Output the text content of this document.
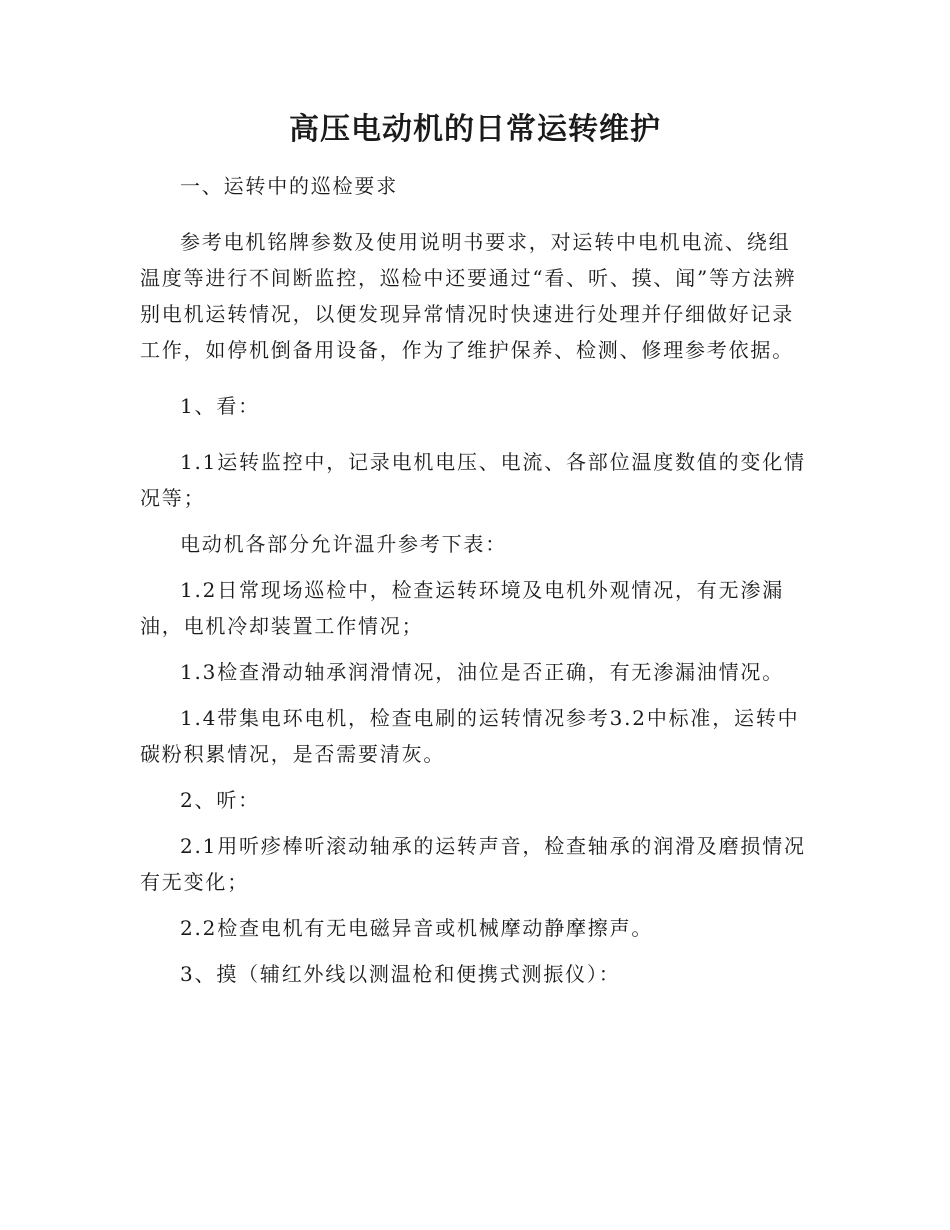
高压电动机的日常运转维护

一、运转中的巡检要求

参考电机铭牌参数及使用说明书要求，对运转中电机电流、绕组温度等进行不间断监控，巡检中还要通过“看、听、摸、闻”等方法辨别电机运转情况，以便发现异常情况时快速进行处理并仔细做好记录工作，如停机倒备用设备，作为了维护保养、检测、修理参考依据。

1、看：

1.1运转监控中，记录电机电压、电流、各部位温度数值的变化情况等；

电动机各部分允许温升参考下表：

1.2日常现场巡检中，检查运转环境及电机外观情况，有无渗漏油，电机冷却装置工作情况；

1.3检查滑动轴承润滑情况，油位是否正确，有无渗漏油情况。

1.4带集电环电机，检查电刷的运转情况参考3.2中标准，运转中碳粉积累情况，是否需要清灰。

2、听：

2.1用听疹棒听滚动轴承的运转声音，检查轴承的润滑及磨损情况有无变化；

2.2检查电机有无电磁异音或机械摩动静摩擦声。

3、摸（辅红外线以测温枪和便携式测振仪）：
